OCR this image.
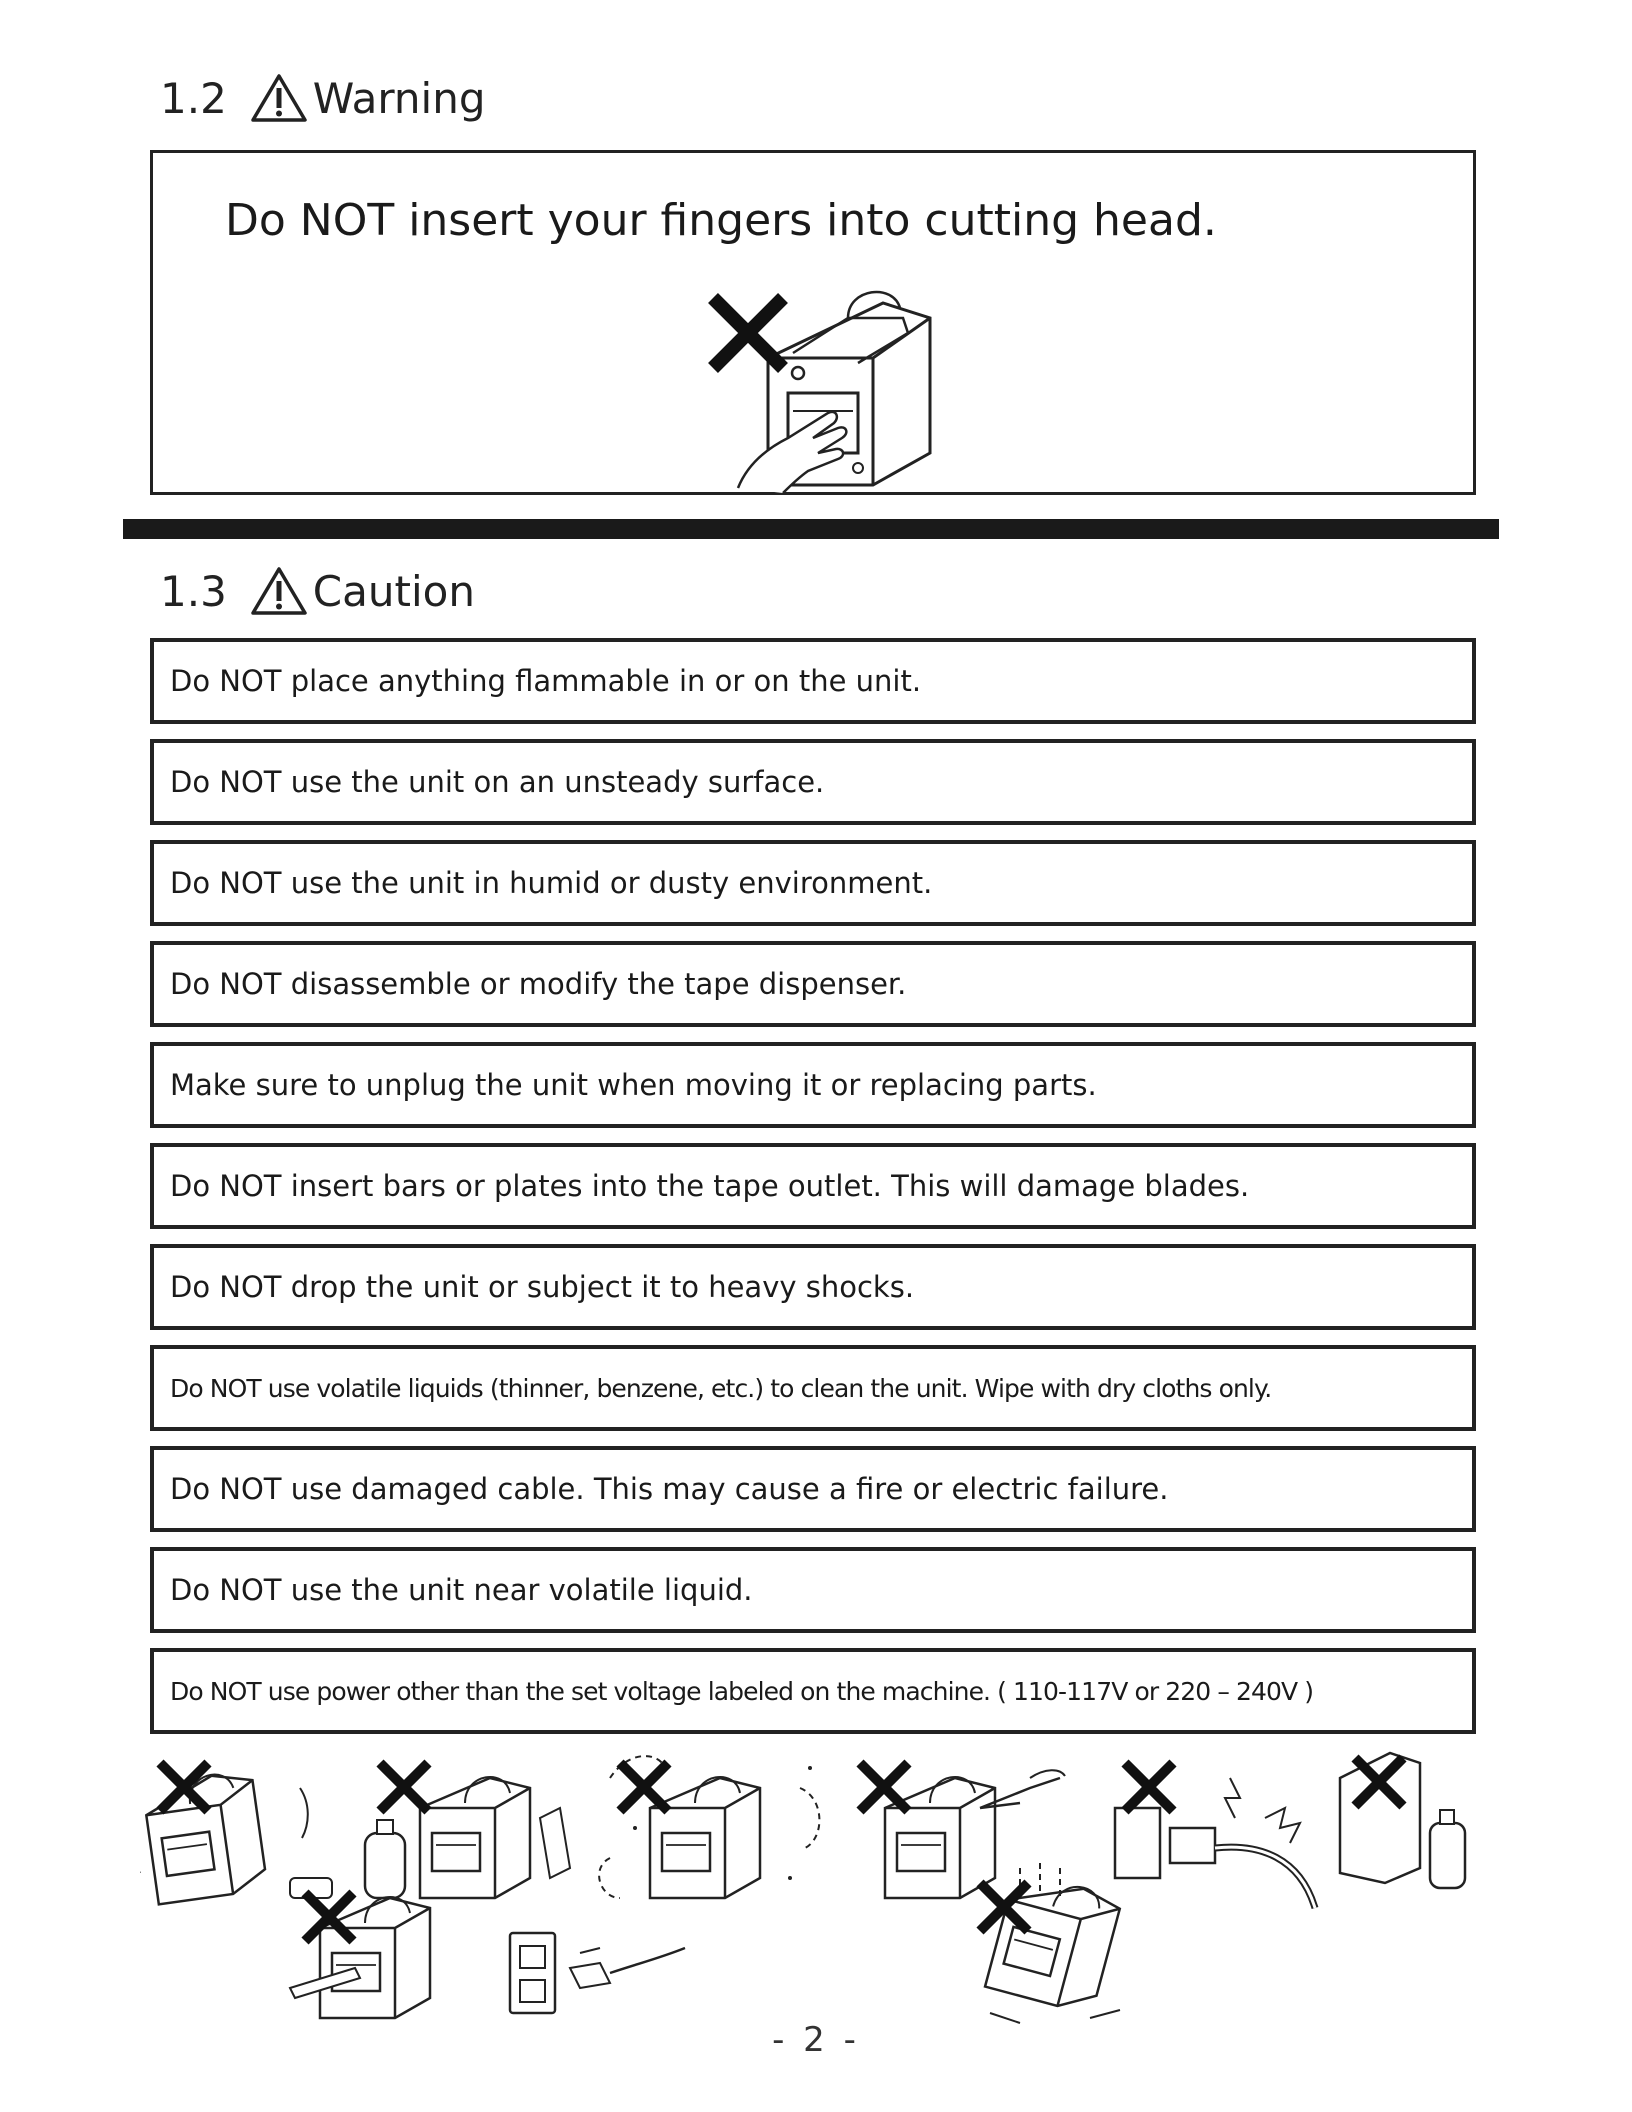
1.2 Warning
Do NOT insert your fingers into cutting head.
1.3 Caution
Do NOT place anything flammable in or on the unit.
Do NOT use the unit on an unsteady surface.
Do NOT use the unit in humid or dusty environment.
Do NOT disassemble or modify the tape dispenser.
Make sure to unplug the unit when moving it or replacing parts.
Do NOT insert bars or plates into the tape outlet. This will damage blades.
Do NOT drop the unit or subject it to heavy shocks.
Do NOT use volatile liquids (thinner, benzene, etc.) to clean the unit. Wipe with dry cloths only.
Do NOT use damaged cable. This may cause a fire or electric failure.
Do NOT use the unit near volatile liquid.
Do NOT use power other than the set voltage labeled on the machine. ( 110-117V or 220 – 240V )
- 2 -
